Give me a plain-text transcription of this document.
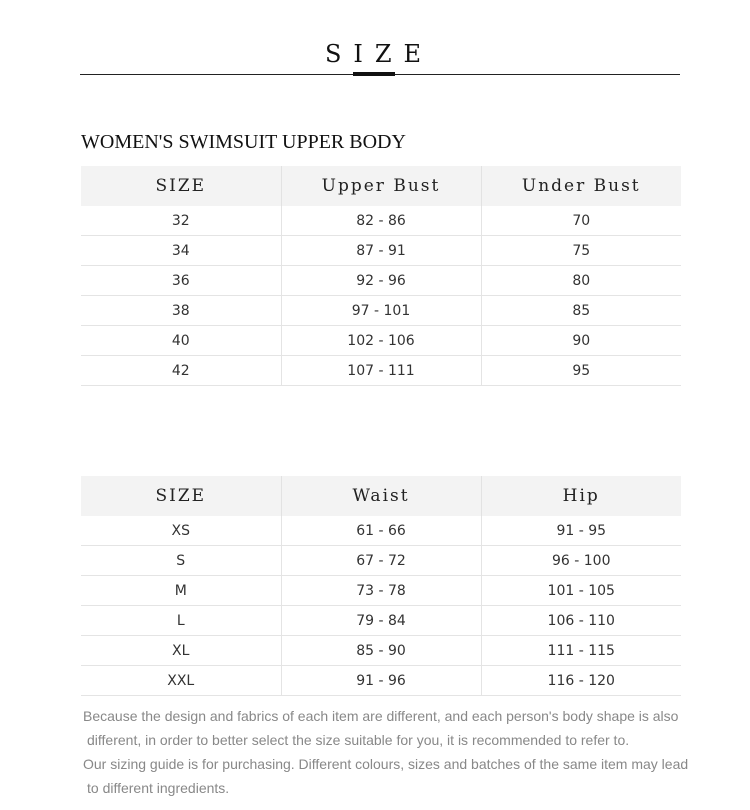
SIZE
WOMEN'S SWIMSUIT UPPER BODY
SIZE	Upper Bust	Under Bust
32	82 - 86	70
34	87 - 91	75
36	92 - 96	80
38	97 - 101	85
40	102 - 106	90
42	107 - 111	95
SIZE	Waist	Hip
XS	61 - 66	91 - 95
S	67 - 72	96 - 100
M	73 - 78	101 - 105
L	79 - 84	106 - 110
XL	85 - 90	111 - 115
XXL	91 - 96	116 - 120
Because the design and fabrics of each item are different, and each person's body shape is also
different, in order to better select the size suitable for you, it is recommended to refer to.
Our sizing guide is for purchasing. Different colours, sizes and batches of the same item may lead
to different ingredients.
